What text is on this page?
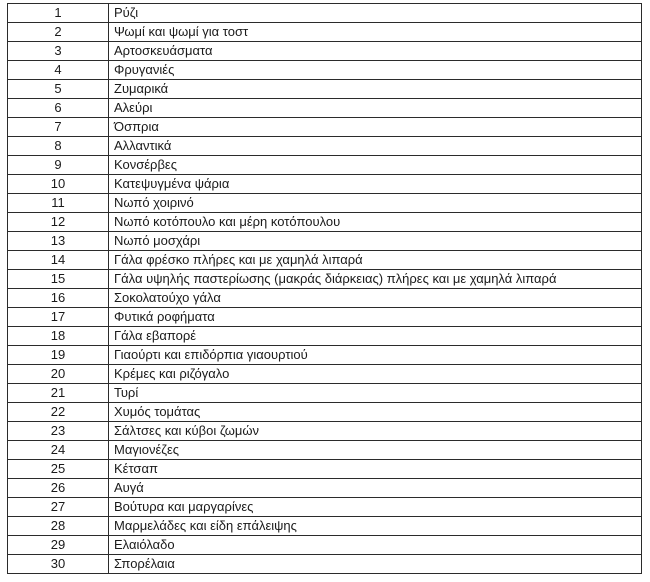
1	Ρύζι
2	Ψωμί και ψωμί για τοστ
3	Αρτοσκευάσματα
4	Φρυγανιές
5	Ζυμαρικά
6	Αλεύρι
7	Όσπρια
8	Αλλαντικά
9	Κονσέρβες
10	Κατεψυγμένα ψάρια
11	Νωπό χοιρινό
12	Νωπό κοτόπουλο και μέρη κοτόπουλου
13	Νωπό μοσχάρι
14	Γάλα φρέσκο πλήρες και με χαμηλά λιπαρά
15	Γάλα υψηλής παστερίωσης (μακράς διάρκειας) πλήρες και με χαμηλά λιπαρά
16	Σοκολατούχο γάλα
17	Φυτικά ροφήματα
18	Γάλα εβαπορέ
19	Γιαούρτι και επιδόρπια γιαουρτιού
20	Κρέμες και ριζόγαλο
21	Τυρί
22	Χυμός τομάτας
23	Σάλτσες και κύβοι ζωμών
24	Μαγιονέζες
25	Κέτσαπ
26	Αυγά
27	Βούτυρα και μαργαρίνες
28	Μαρμελάδες και είδη επάλειψης
29	Ελαιόλαδο
30	Σπορέλαια
